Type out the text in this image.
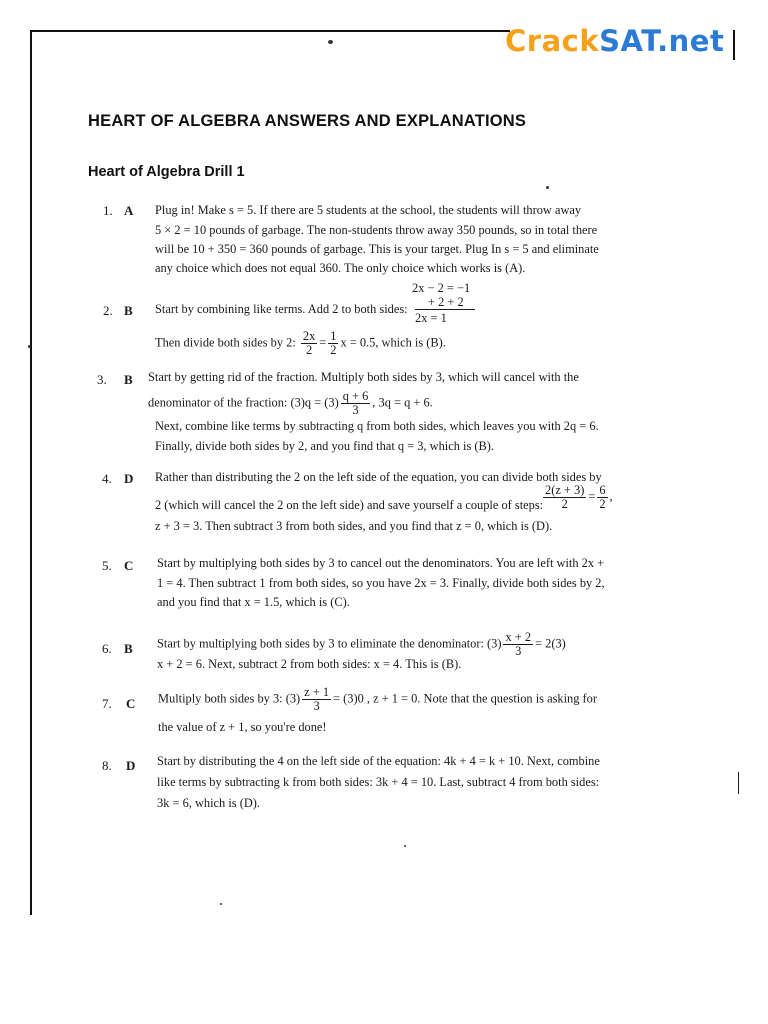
CrackSAT.net
HEART OF ALGEBRA ANSWERS AND EXPLANATIONS
Heart of Algebra Drill 1
1. A Plug in! Make s = 5. If there are 5 students at the school, the students will throw away
5 × 2 = 10 pounds of garbage. The non-students throw away 350 pounds, so in total there
will be 10 + 350 = 360 pounds of garbage. This is your target. Plug In s = 5 and eliminate
any choice which does not equal 360. The only choice which works is (A).
2. B
2x − 2 = −1
+ 2 + 2
2x = 1
Start by combining like terms. Add 2 to both sides:
Then divide both sides by 2: $\frac{2x}{2} = \frac{1}{2}$ x = 0.5, which is (B).
3. B Start by getting rid of the fraction. Multiply both sides by 3, which will cancel with the
denominator of the fraction: $(3)q = (3) \frac{q + 6}{3}$ , 3q = q + 6.
Next, combine like terms by subtracting q from both sides, which leaves you with 2q = 6.
Finally, divide both sides by 2, and you find that q = 3, which is (B).
4. D Rather than distributing the 2 on the left side of the equation, you can divide both sides by
2 (which will cancel the 2 on the left side) and save yourself a couple of steps: $\frac{2(z + 3)}{2} = \frac{6}{2}$ ,
z + 3 = 3. Then subtract 3 from both sides, and you find that z = 0, which is (D).
5. C Start by multiplying both sides by 3 to cancel out the denominators. You are left with 2x +
1 = 4. Then subtract 1 from both sides, so you have 2x = 3. Finally, divide both sides by 2,
and you find that x = 1.5, which is (C).
6. B Start by multiplying both sides by 3 to eliminate the denominator: $(3) \frac{x + 2}{3} = 2(3)$
x + 2 = 6. Next, subtract 2 from both sides: x = 4. This is (B).
7. C Multiply both sides by 3: $(3) \frac{z + 1}{3} = (3)0$ , z + 1 = 0. Note that the question is asking for
the value of z + 1, so you're done!
8. D Start by distributing the 4 on the left side of the equation: 4k + 4 = k + 10. Next, combine
like terms by subtracting k from both sides: 3k + 4 = 10. Last, subtract 4 from both sides:
3k = 6, which is (D).
